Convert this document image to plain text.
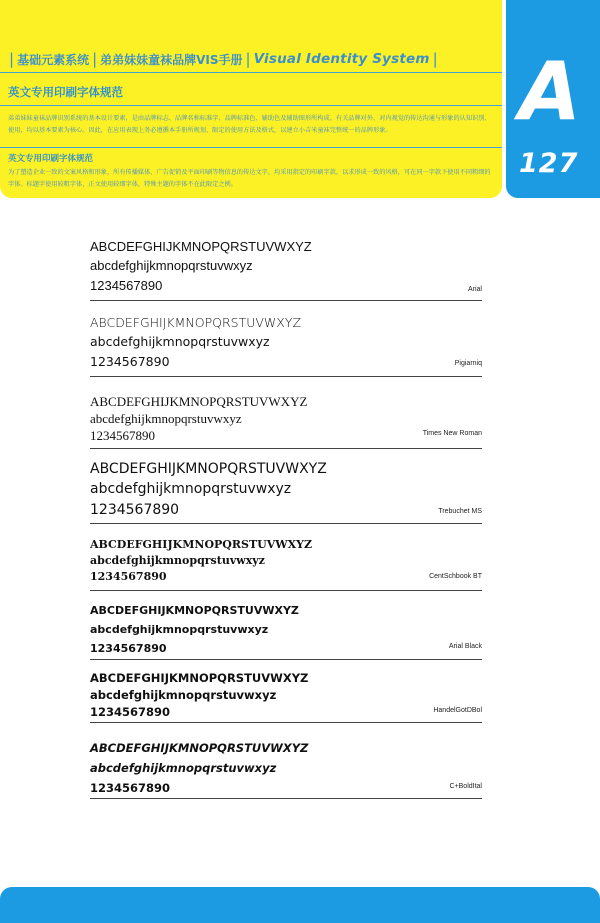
| 基础元素系统 | 弟弟妹妹童袜品牌VIS手册 | Visual Identity System |
英文专用印刷字体规范
弟弟妹妹童袜品牌识别系统的基本设计要素，是由品牌标志、品牌名称标准字、品牌标准色、辅助色及辅助图形所构成。有关品牌对外、对内视觉的传达沟通与形象的认知识别、使用，均以基本要素为核心。因此，在应用表现上务必遵循本手册所规划、限定的使用方法及格式，以建立小吉米童袜完整统一的品牌形象。
英文专用印刷字体规范
为了塑造企业一致的文案风格和形象，所有传播媒体、广告促销及平面印刷等物信息的传达文字，均采用指定的印刷字款，以求形成一致的风格，可在同一字款下使用不同粗细的字体。标题字使用较粗字体，正文使用较细字体，特殊主题的字体不在此限定之例。
A
127
ABCDEFGHIJKMNOPQRSTUVWXYZ
abcdefghijkmnopqrstuvwxyz
1234567890	Arial
ABCDEFGHIJKMNOPQRSTUVWXYZ
abcdefghijkmnopqrstuvwxyz
1234567890	Pigiarniq
ABCDEFGHIJKMNOPQRSTUVWXYZ
abcdefghijkmnopqrstuvwxyz
1234567890	Times New Roman
ABCDEFGHIJKMNOPQRSTUVWXYZ
abcdefghijkmnopqrstuvwxyz
1234567890	Trebuchet MS
ABCDEFGHIJKMNOPQRSTUVWXYZ
abcdefghijkmnopqrstuvwxyz
1234567890	CentSchbook BT
ABCDEFGHIJKMNOPQRSTUVWXYZ
abcdefghijkmnopqrstuvwxyz
1234567890	Arial Black
ABCDEFGHIJKMNOPQRSTUVWXYZ
abcdefghijkmnopqrstuvwxyz
1234567890	HandelGotDBol
ABCDEFGHIJKMNOPQRSTUVWXYZ
abcdefghijkmnopqrstuvwxyz
1234567890	C+BoldItal
